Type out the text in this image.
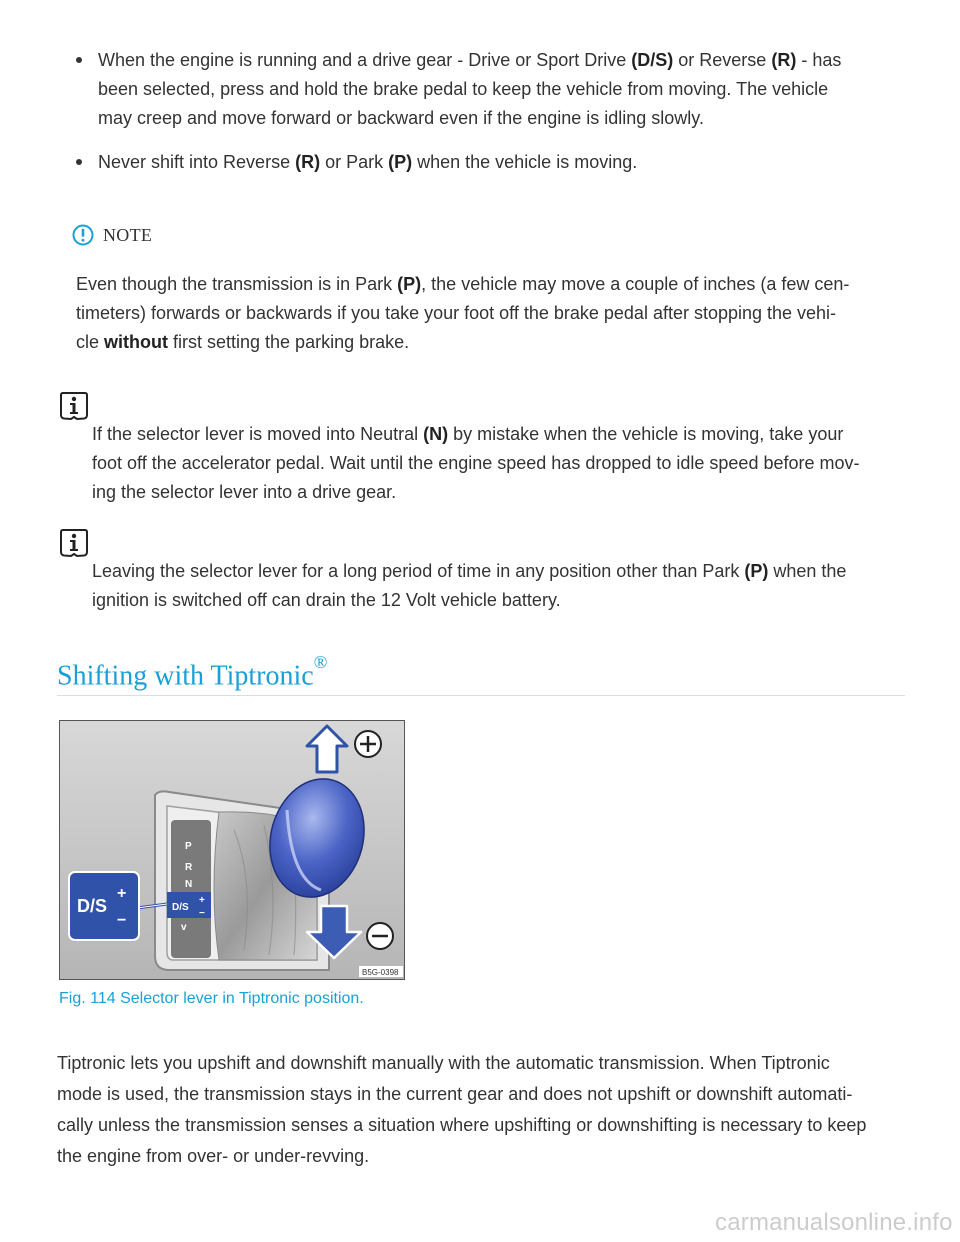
When the engine is running and a drive gear - Drive or Sport Drive (D/S) or Reverse (R) - has
been selected, press and hold the brake pedal to keep the vehicle from moving. The vehicle
may creep and move forward or backward even if the engine is idling slowly.
Never shift into Reverse (R) or Park (P) when the vehicle is moving.
NOTE
Even though the transmission is in Park (P), the vehicle may move a couple of inches (a few cen-
timeters) forwards or backwards if you take your foot off the brake pedal after stopping the vehi-
cle without first setting the parking brake.
If the selector lever is moved into Neutral (N) by mistake when the vehicle is moving, take your
foot off the accelerator pedal. Wait until the engine speed has dropped to idle speed before mov-
ing the selector lever into a drive gear.
Leaving the selector lever for a long period of time in any position other than Park (P) when the
ignition is switched off can drain the 12 Volt vehicle battery.
Shifting with Tiptronic®
P
R
N
D/S
+
−
v
D/S
+
−
B5G-0398
Fig. 114 Selector lever in Tiptronic position.
Tiptronic lets you upshift and downshift manually with the automatic transmission. When Tiptronic
mode is used, the transmission stays in the current gear and does not upshift or downshift automati-
cally unless the transmission senses a situation where upshifting or downshifting is necessary to keep
the engine from over- or under-revving.
carmanualsonline.info
